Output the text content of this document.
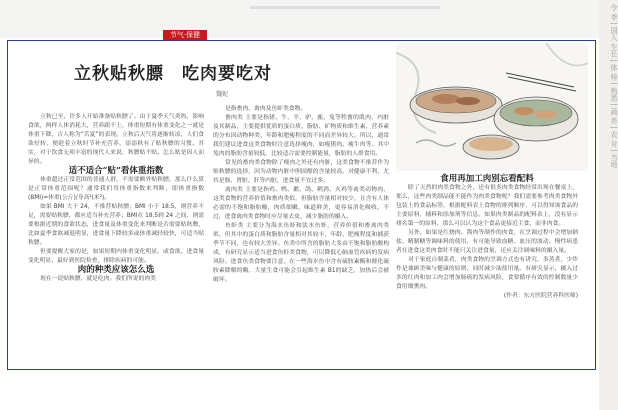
节气·保健	令 季 | 国人 生长 | 体 特 | 熟悉 | 蔬 养 | 农 对 | 当地
立秋贴秋膘　吃肉要吃对
魏妮

立秋已至，许多人开始准备贴秋膘了。由于夏季天气炎热，影响食欲，两样人体消耗大，营养跟不上，体重短期有体重变化之一就是体重下降，古人称为“苦夏”的表现。立秋后天气将逐渐转凉，人们食欲好转，便趁着立秋时节补充营养，添添秋有了贴秋膘的习惯。其实，对于饮食无须丰富的现代人来说，秋膘贴不贴，怎么贴是因人而异的。

适不适合“贴”看体重指数

体重超过正常范围的普通人群，不需要额外贴秋膘，那么什么算是正常体重范围呢？通常我们用体重指数来判断，即体重指数(BMI)=体重(公斤)/身高²(米²)。

如果 BMI 大于 24，不推荐贴秋膘；BMI 小于 18.5，则营养不足，需要贴秋膘，都应适当补充营养；BMI在 18.5到 24 之间，则需要根据近期的食欲状态，进食量及体重变化来判断是否需要贴秋膘，比如夏季食欲减退明显，进食量下降较多或体重减轻较快，可适当贴秋膘。

但要提醒大家的是，如果短期内体重变化明显，或食欲、进食量变化明显，最好到医院检查，排除疾病的可能。

肉的种类应该怎么选

现在一说贴秋膘，就是吃肉。我们所说的肉类

是指畜肉、禽肉及鱼虾类食物。

畜肉类 主要是指猪、牛、羊、驴、鹿、兔等牲畜的肌肉、内脏及其制品，主要提供优质的蛋白质、脂肪、矿物质和维生素，营养素的分布因动物种类、年龄和肥瘦程度的不同而差异较大。所以，通常我们建议进食这类食物时注意选择瘦肉，如瘦猪肉、瘦牛肉等。其中兔肉的脂肪含量较低，比较适合需要控制能量，脂肪的人群食用。

常见的畜肉类食物除了瘦肉之外还有内脏，这类食物不推荐作为贴秋膘的选择，因为动物内脏中胆固醇的含量较高，对健康不利，尤其是肠、肾脏、肝等内脏，进食量不宜过多。

禽肉类 主要是指鸡、鸭、鹅、鸽、鹌鹑、火鸡等禽类动物肉，这类食物的营养价值和畜肉类似，但脂肪含量相对较少，且含有人体必需的不饱和脂肪酸，肉质细嫩，味道鲜美，更容易消化吸收。不过，进食禽肉类食物时应尽量去皮，减少脂肪的摄入。

鱼虾类 主要分为海水鱼虾和淡水鱼虾，营养价值和畜禽肉类似，但其中的蛋白质和脂肪含量相对其较丰，年龄、肥瘦程度和捕获季节不同，也有较大差异。鱼类中所含的脂肪大多由不饱和脂肪酸构成，有研究显示适当进食鱼虾类食物，可以降低心脑血管疾病的发病风险。进食鱼类食物要注意，在一些海水鱼中含有硫胺素酶和催化硫胺素降解的酶，大量生食可能会引起维生素 B1的缺乏，加热后会被破坏。

食用再加工肉别忘看配料

除了天然的肉类食物之外，还有很多肉类食物经常出现在餐桌上，那么，这些肉类制品能不能作为肉类食物呢？我们需要参考肉类食物外包装上的食品标签，根据配料表上食物的排列顺序，可以得知该食品的主要原料，辅料和添加剂等信息。如果肉类制品的配料表上，没有显示排名第一的原料，那么可以认为这个食品更接近主食，而非肉食。

另外，如果是红烧肉、酱肉等制作的肉食，在烹调过程中会增加钠盐、精制糖等调味料的使用，有可能导致血糖、血压的波动。慢性病患者在进食这类肉食时不能只关注进食量，还应关注调味料的摄入量。

对于家庭自制菜肴，肉类食物的烹调方式也有讲究，多蒸煮，少炸作是兼顾美味与健康的原则，同时减少油盐用量。有研究显示，摄入过多的红肉和加工肉会增加肠癌的发病风险，食要循序有效的控制数量少食用烟熏肉。

(作者：东方医院营养科医师)
